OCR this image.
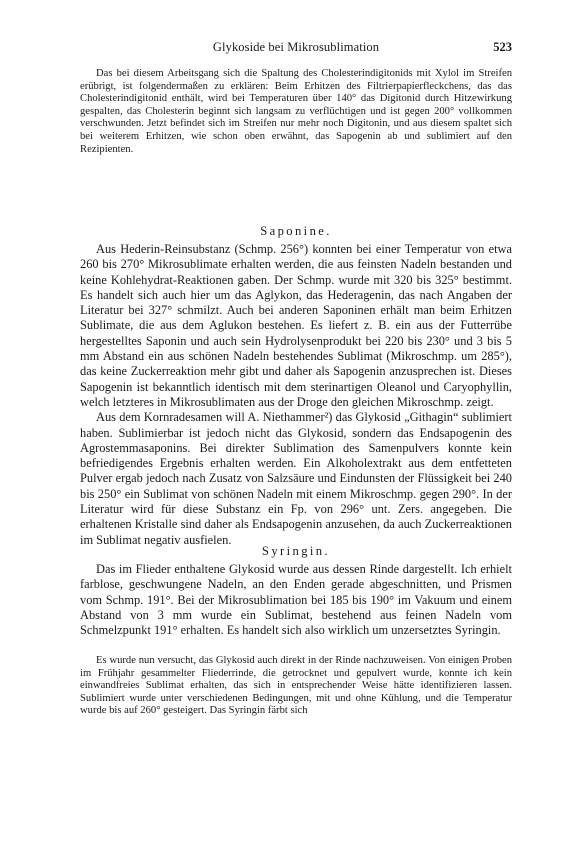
Glykoside bei Mikrosublimation	523

Das bei diesem Arbeitsgang sich die Spaltung des Cholesterindigitonids mit Xylol im Streifen erübrigt, ist folgendermaßen zu erklären: Beim Erhitzen des Filtrierpapierfleckchens, das das Cholesterindigitonid enthält, wird bei Temperaturen über 140° das Digitonid durch Hitzewirkung gespalten, das Cholesterin beginnt sich langsam zu verflüchtigen und ist gegen 200° vollkommen verschwunden. Jetzt befindet sich im Streifen nur mehr noch Digitonin, und aus diesem spaltet sich bei weiterem Erhitzen, wie schon oben erwähnt, das Sapogenin ab und sublimiert auf den Rezipienten.

Saponine.

Aus Hederin-Reinsubstanz (Schmp. 256°) konnten bei einer Temperatur von etwa 260 bis 270° Mikrosublimate erhalten werden, die aus feinsten Nadeln bestanden und keine Kohlehydrat-Reaktionen gaben. Der Schmp. wurde mit 320 bis 325° bestimmt. Es handelt sich auch hier um das Aglykon, das Hederagenin, das nach Angaben der Literatur bei 327° schmilzt. Auch bei anderen Saponinen erhält man beim Erhitzen Sublimate, die aus dem Aglukon bestehen. Es liefert z. B. ein aus der Futterrübe hergestelltes Saponin und auch sein Hydrolysenprodukt bei 220 bis 230° und 3 bis 5 mm Abstand ein aus schönen Nadeln bestehendes Sublimat (Mikroschmp. um 285°), das keine Zuckerreaktion mehr gibt und daher als Sapogenin anzusprechen ist. Dieses Sapogenin ist bekanntlich identisch mit dem sterinartigen Oleanol und Caryophyllin, welch letzteres in Mikrosublimaten aus der Droge den gleichen Mikroschmp. zeigt.

Aus dem Kornradesamen will A. Niethammer²) das Glykosid „Githagin“ sublimiert haben. Sublimierbar ist jedoch nicht das Glykosid, sondern das Endsapogenin des Agrostemmasaponins. Bei direkter Sublimation des Samenpulvers konnte kein befriedigendes Ergebnis erhalten werden. Ein Alkoholextrakt aus dem entfetteten Pulver ergab jedoch nach Zusatz von Salzsäure und Eindunsten der Flüssigkeit bei 240 bis 250° ein Sublimat von schönen Nadeln mit einem Mikroschmp. gegen 290°. In der Literatur wird für diese Substanz ein Fp. von 296° unt. Zers. angegeben. Die erhaltenen Kristalle sind daher als Endsapogenin anzusehen, da auch Zuckerreaktionen im Sublimat negativ ausfielen.

Syringin.

Das im Flieder enthaltene Glykosid wurde aus dessen Rinde dargestellt. Ich erhielt farblose, geschwungene Nadeln, an den Enden gerade abgeschnitten, und Prismen vom Schmp. 191°. Bei der Mikrosublimation bei 185 bis 190° im Vakuum und einem Abstand von 3 mm wurde ein Sublimat, bestehend aus feinen Nadeln vom Schmelzpunkt 191° erhalten. Es handelt sich also wirklich um unzersetztes Syringin.

Es wurde nun versucht, das Glykosid auch direkt in der Rinde nachzuweisen. Von einigen Proben im Frühjahr gesammelter Fliederrinde, die getrocknet und gepulvert wurde, konnte ich kein einwandfreies Sublimat erhalten, das sich in entsprechender Weise hätte identifizieren lassen. Sublimiert wurde unter verschiedenen Bedingungen, mit und ohne Kühlung, und die Temperatur wurde bis auf 260° gesteigert. Das Syringin färbt sich
